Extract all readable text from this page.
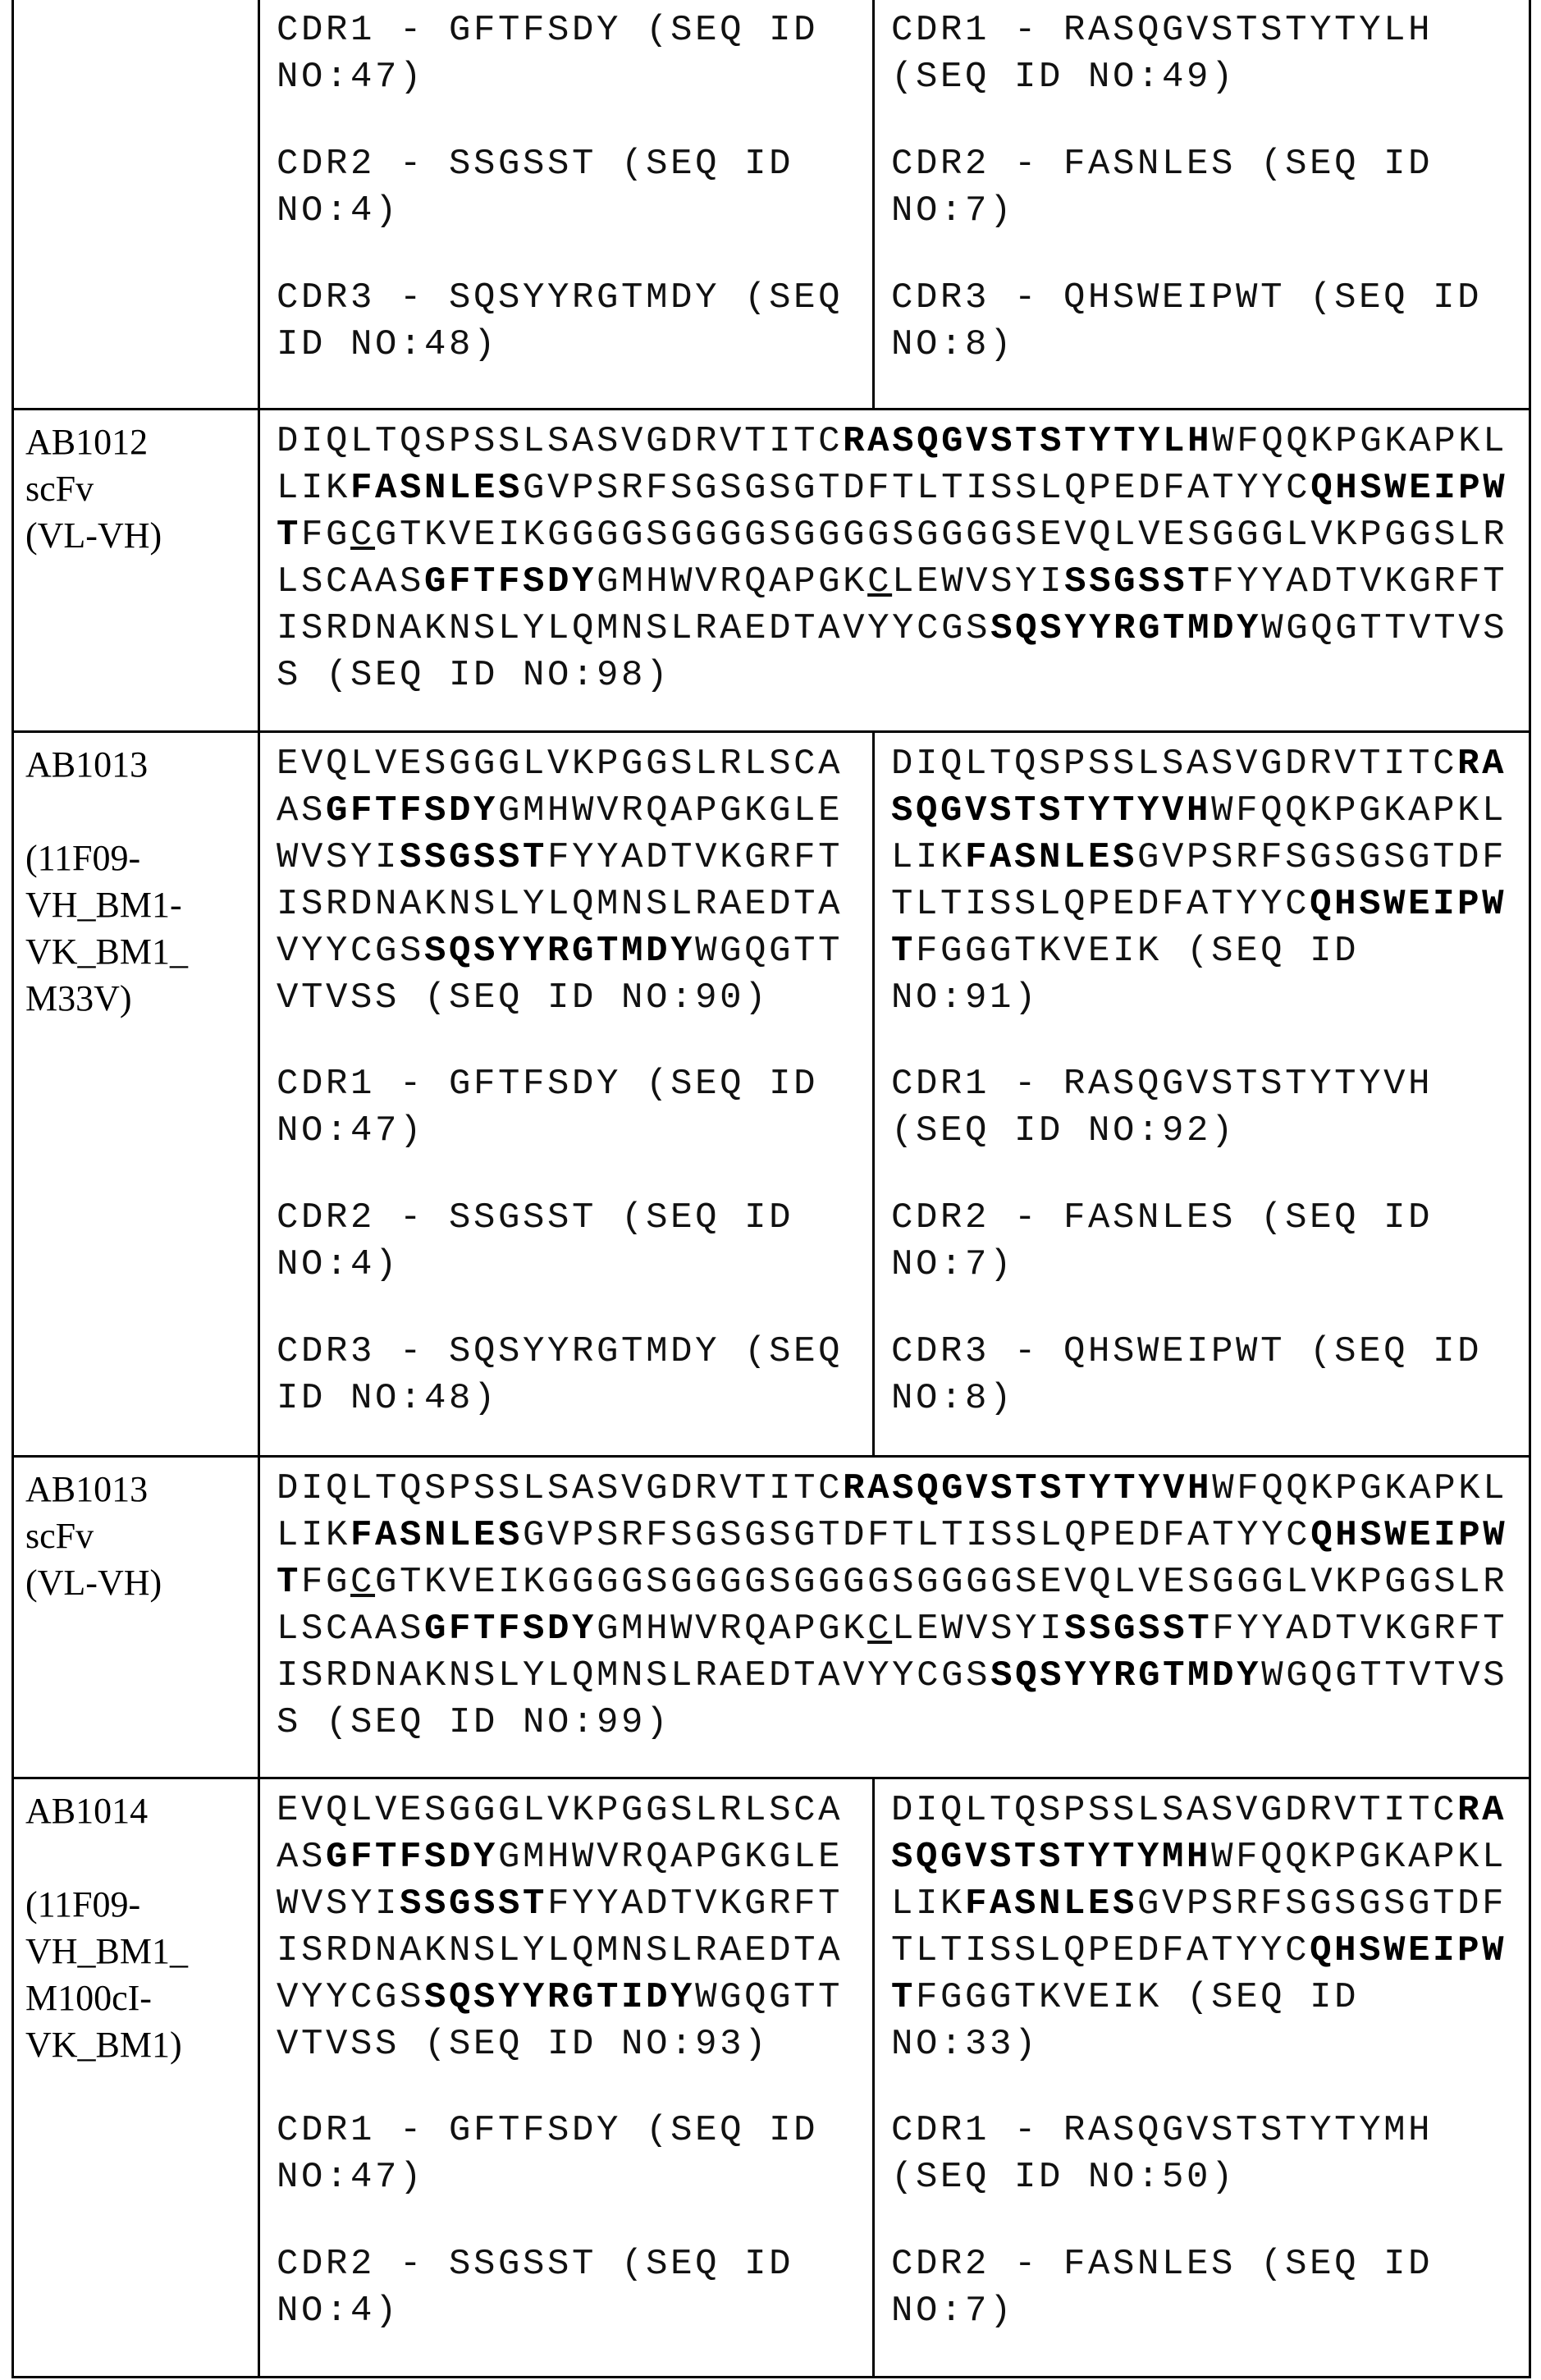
CDR1 - GFTFSDY (SEQ ID NO:47)
CDR2 - SSGSST (SEQ ID NO:4)
CDR3 - SQSYYRGTMDY (SEQ ID NO:48)
CDR1 - RASQGVSTSTYTYLH (SEQ ID NO:49)
CDR2 - FASNLES (SEQ ID NO:7)
CDR3 - QHSWEIPWT (SEQ ID NO:8)
AB1012
scFv
(VL-VH)
DIQLTQSPSSLSASVGDRVTITCRASQGVSTSTYTYLHWFQQKPGKAPKL
LIKFASNLESGVPSRFSGSGSGTDFTLTISSLQPEDFATYYCQHSWEIPW
TFGCGTKVEIKGGGGSGGGGSGGGGSGGGGSEVQLVESGGGLVKPGGSLR
LSCAASGFTFSDYGMHWVRQAPGKCLEWVSYISSGSSTFYYADTVKGRFT
ISRDNAKNSLYLQMNSLRAEDTAVYYCGSSQSYYRGTMDYWGQGTTVTVS
S (SEQ ID NO:98)
AB1013
(11F09-
VH_BM1-
VK_BM1_
M33V)
EVQLVESGGGLVKPGGSLRLSCA
ASGFTFSDYGMHWVRQAPGKGLE
WVSYISSGSSTFYYADTVKGRFT
ISRDNAKNSLYLQMNSLRAEDTA
VYYCGSSQSYYRGTMDYWGQGTT
VTVSS (SEQ ID NO:90)
CDR1 - GFTFSDY (SEQ ID NO:47)
CDR2 - SSGSST (SEQ ID NO:4)
CDR3 - SQSYYRGTMDY (SEQ ID NO:48)
DIQLTQSPSSLSASVGDRVTITCRA
SQGVSTSTYTYVHWFQQKPGKAPKL
LIKFASNLESGVPSRFSGSGSGTDF
TLTISSLQPEDFATYYCQHSWEIPW
TFGGGTKVEIK (SEQ ID
NO:91)
CDR1 - RASQGVSTSTYTYVH (SEQ ID NO:92)
CDR2 - FASNLES (SEQ ID NO:7)
CDR3 - QHSWEIPWT (SEQ ID NO:8)
AB1013
scFv
(VL-VH)
DIQLTQSPSSLSASVGDRVTITCRASQGVSTSTYTYVHWFQQKPGKAPKL
LIKFASNLESGVPSRFSGSGSGTDFTLTISSLQPEDFATYYCQHSWEIPW
TFGCGTKVEIKGGGGSGGGGSGGGGSGGGGSEVQLVESGGGLVKPGGSLR
LSCAASGFTFSDYGMHWVRQAPGKCLEWVSYISSGSSTFYYADTVKGRFT
ISRDNAKNSLYLQMNSLRAEDTAVYYCGSSQSYYRGTMDYWGQGTTVTVS
S (SEQ ID NO:99)
AB1014
(11F09-
VH_BM1_
M100cI-
VK_BM1)
EVQLVESGGGLVKPGGSLRLSCA
ASGFTFSDYGMHWVRQAPGKGLE
WVSYISSGSSTFYYADTVKGRFT
ISRDNAKNSLYLQMNSLRAEDTA
VYYCGSSQSYYRGTIDYWGQGTT
VTVSS (SEQ ID NO:93)
CDR1 - GFTFSDY (SEQ ID NO:47)
CDR2 - SSGSST (SEQ ID NO:4)
DIQLTQSPSSLSASVGDRVTITCRA
SQGVSTSTYTYMHWFQQKPGKAPKL
LIKFASNLESGVPSRFSGSGSGTDF
TLTISSLQPEDFATYYCQHSWEIPW
TFGGGTKVEIK (SEQ ID
NO:33)
CDR1 - RASQGVSTSTYTYMH (SEQ ID NO:50)
CDR2 - FASNLES (SEQ ID NO:7)
